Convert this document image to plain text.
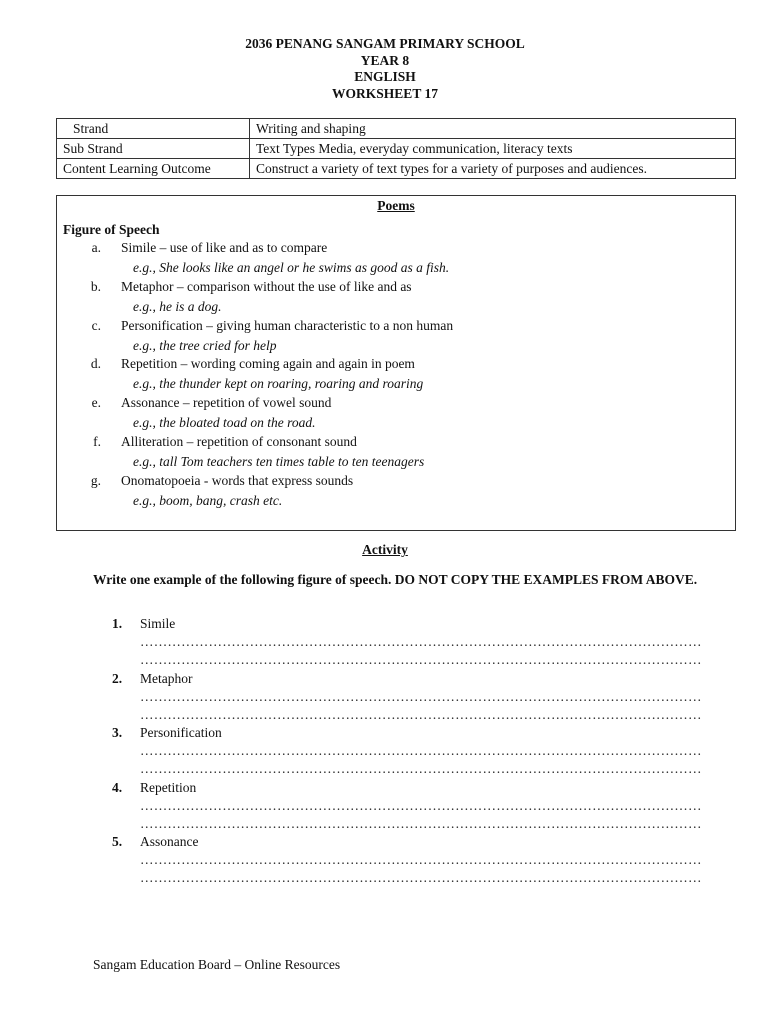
2036 PENANG SANGAM PRIMARY SCHOOL
YEAR 8
ENGLISH
WORKSHEET 17
Strand	Writing and shaping
Sub Strand	Text Types Media, everyday communication, literacy texts
Content Learning Outcome	Construct a variety of text types for a variety of purposes and audiences.
Poems
Figure of Speech
a. Simile – use of like and as to compare
e.g., She looks like an angel or he swims as good as a fish.
b. Metaphor – comparison without the use of like and as
e.g., he is a dog.
c. Personification – giving human characteristic to a non human
e.g., the tree cried for help
d. Repetition – wording coming again and again in poem
e.g., the thunder kept on roaring, roaring and roaring
e. Assonance – repetition of vowel sound
e.g., the bloated toad on the road.
f. Alliteration – repetition of consonant sound
e.g., tall Tom teachers ten times table to ten teenagers
g. Onomatopoeia - words that express sounds
e.g., boom, bang, crash etc.
Activity
Write one example of the following figure of speech. DO NOT COPY THE EXAMPLES FROM ABOVE.
1. Simile
……………………………………………………………………………………………………………
……………………………………………………………………………………………………………
2. Metaphor
……………………………………………………………………………………………………………
……………………………………………………………………………………………………………
3. Personification
……………………………………………………………………………………………………………
……………………………………………………………………………………………………………
4. Repetition
……………………………………………………………………………………………………………
……………………………………………………………………………………………………………
5. Assonance
……………………………………………………………………………………………………………
……………………………………………………………………………………………………………
Sangam Education Board – Online Resources
